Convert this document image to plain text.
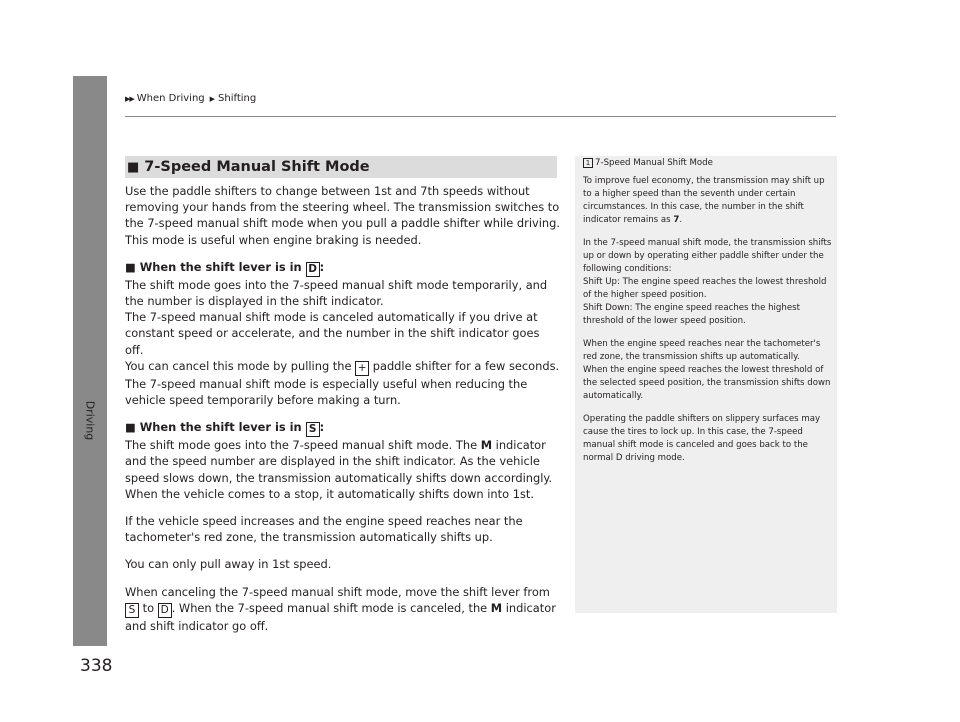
Driving
▶▶ When Driving ▶ Shifting
■ 7-Speed Manual Shift Mode

Use the paddle shifters to change between 1st and 7th speeds without removing your hands from the steering wheel. The transmission switches to the 7-speed manual shift mode when you pull a paddle shifter while driving. This mode is useful when engine braking is needed.

■ When the shift lever is in D :

The shift mode goes into the 7-speed manual shift mode temporarily, and the number is displayed in the shift indicator.

The 7-speed manual shift mode is canceled automatically if you drive at constant speed or accelerate, and the number in the shift indicator goes off.

You can cancel this mode by pulling the + paddle shifter for a few seconds.

The 7-speed manual shift mode is especially useful when reducing the vehicle speed temporarily before making a turn.

■ When the shift lever is in S :

The shift mode goes into the 7-speed manual shift mode. The M indicator and the speed number are displayed in the shift indicator. As the vehicle speed slows down, the transmission automatically shifts down accordingly. When the vehicle comes to a stop, it automatically shifts down into 1st.

If the vehicle speed increases and the engine speed reaches near the tachometer's red zone, the transmission automatically shifts up.

You can only pull away in 1st speed.

When canceling the 7-speed manual shift mode, move the shift lever from S to D . When the 7-speed manual shift mode is canceled, the M indicator and shift indicator go off.

1 7-Speed Manual Shift Mode

To improve fuel economy, the transmission may shift up to a higher speed than the seventh under certain circumstances. In this case, the number in the shift indicator remains as 7.

In the 7-speed manual shift mode, the transmission shifts up or down by operating either paddle shifter under the following conditions:

Shift Up: The engine speed reaches the lowest threshold of the higher speed position.

Shift Down: The engine speed reaches the highest threshold of the lower speed position.

When the engine speed reaches near the tachometer's red zone, the transmission shifts up automatically.

When the engine speed reaches the lowest threshold of the selected speed position, the transmission shifts down automatically.

Operating the paddle shifters on slippery surfaces may cause the tires to lock up. In this case, the 7-speed manual shift mode is canceled and goes back to the normal D driving mode.

338
